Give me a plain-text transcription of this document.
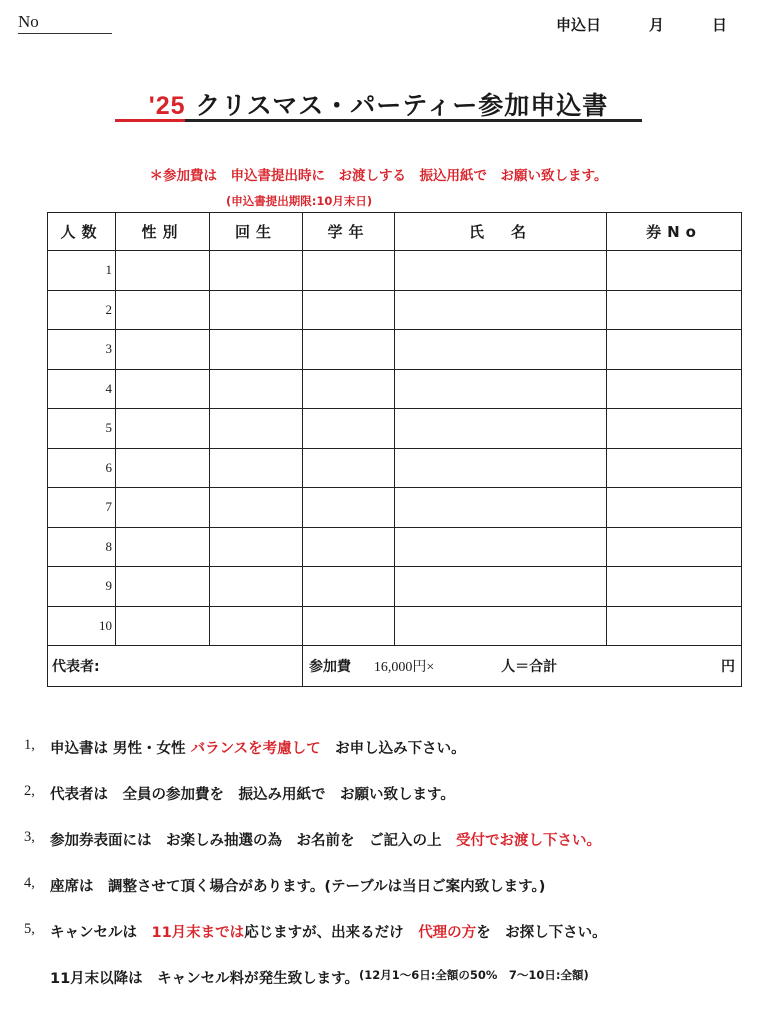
No	申込日	月	日
'25 クリスマス・パーティー参加申込書
＊参加費は　申込書提出時に　お渡しする　振込用紙で　お願い致します。
(申込書提出期限:10月末日)
人数	性別	回生	学年	氏　名	券No
1					
2					
3					
4					
5					
6					
7					
8					
9					
10					
代表者:			参加費 16,000円× 人＝合計 円		
1,	申込書は 男性・女性 バランスを考慮して　お申し込み下さい。
2,	代表者は　全員の参加費を　振込み用紙で　お願い致します。
3,	参加券表面には　お楽しみ抽選の為　お名前を　ご記入の上　受付でお渡し下さい。
4,	座席は　調整させて頂く場合があります。(テーブルは当日ご案内致します。)
5,	キャンセルは　11月末までは応じますが、出来るだけ　代理の方を　お探し下さい。
11月末以降は　キャンセル料が発生致します。 (12月1～6日:全額の50%　7～10日:全額)
